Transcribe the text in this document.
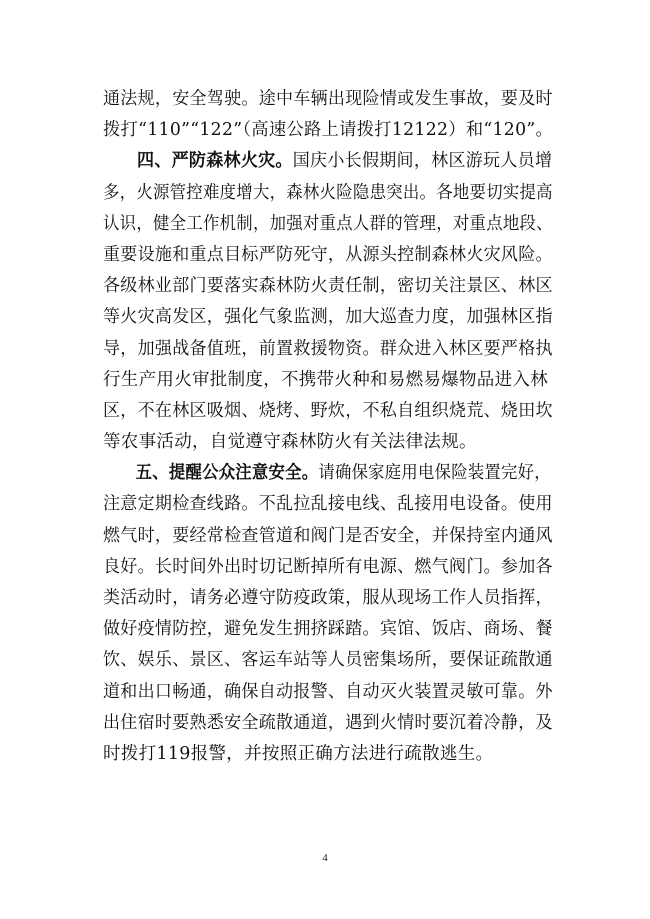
通法规，安全驾驶。途中车辆出现险情或发生事故，要及时
拨打“110”“122”（高速公路上请拨打12122）和“120”。
四、严防森林火灾。国庆小长假期间，林区游玩人员增
多，火源管控难度增大，森林火险隐患突出。各地要切实提高
认识，健全工作机制，加强对重点人群的管理，对重点地段、
重要设施和重点目标严防死守，从源头控制森林火灾风险。
各级林业部门要落实森林防火责任制，密切关注景区、林区
等火灾高发区，强化气象监测，加大巡查力度，加强林区指
导，加强战备值班，前置救援物资。群众进入林区要严格执
行生产用火审批制度，不携带火种和易燃易爆物品进入林
区，不在林区吸烟、烧烤、野炊，不私自组织烧荒、烧田坎
等农事活动，自觉遵守森林防火有关法律法规。
五、提醒公众注意安全。请确保家庭用电保险装置完好，
注意定期检查线路。不乱拉乱接电线、乱接用电设备。使用
燃气时，要经常检查管道和阀门是否安全，并保持室内通风
良好。长时间外出时切记断掉所有电源、燃气阀门。参加各
类活动时，请务必遵守防疫政策，服从现场工作人员指挥，
做好疫情防控，避免发生拥挤踩踏。宾馆、饭店、商场、餐
饮、娱乐、景区、客运车站等人员密集场所，要保证疏散通
道和出口畅通，确保自动报警、自动灭火装置灵敏可靠。外
出住宿时要熟悉安全疏散通道，遇到火情时要沉着冷静，及
时拨打119报警，并按照正确方法进行疏散逃生。
4
